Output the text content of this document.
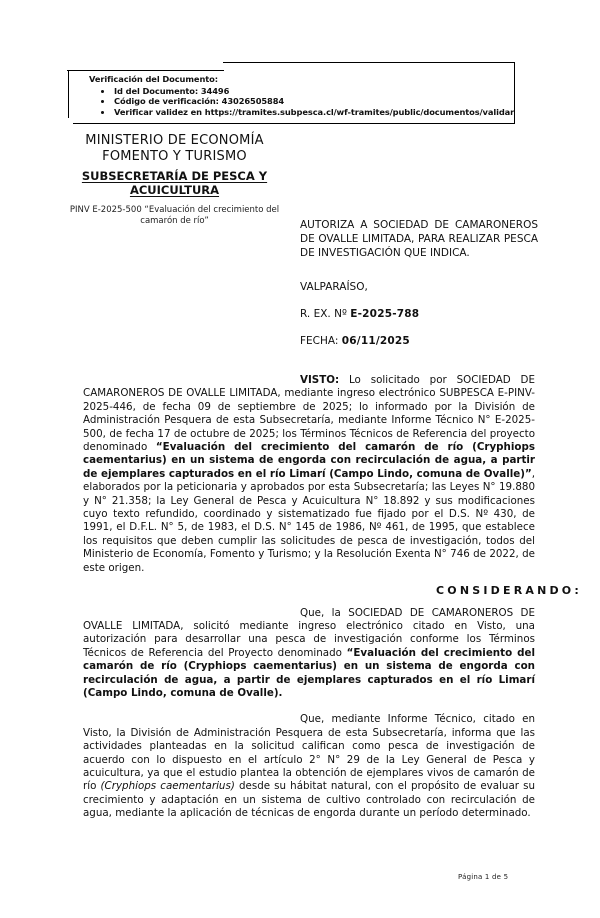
Verificación del Documento:
• Id del Documento: 34496
• Código de verificación: 43026505884
• Verificar validez en https://tramites.subpesca.cl/wf-tramites/public/documentos/validar
MINISTERIO DE ECONOMÍA
FOMENTO Y TURISMO
SUBSECRETARÍA DE PESCA Y
ACUICULTURA
PINV E-2025-500 “Evaluación del crecimiento del camarón de río”	AUTORIZA A SOCIEDAD DE CAMARONEROS DE OVALLE LIMITADA, PARA REALIZAR PESCA DE INVESTIGACIÓN QUE INDICA.
VALPARAÍSO,
R. EX. Nº E-2025-788
FECHA: 06/11/2025

VISTO: Lo solicitado por SOCIEDAD DE CAMARONEROS DE OVALLE LIMITADA, mediante ingreso electrónico SUBPESCA E-PINV-2025-446, de fecha 09 de septiembre de 2025; lo informado por la División de Administración Pesquera de esta Subsecretaría, mediante Informe Técnico N° E-2025-500, de fecha 17 de octubre de 2025; los Términos Técnicos de Referencia del proyecto denominado “Evaluación del crecimiento del camarón de río (Cryphiops caementarius) en un sistema de engorda con recirculación de agua, a partir de ejemplares capturados en el río Limarí (Campo Lindo, comuna de Ovalle)”, elaborados por la peticionaria y aprobados por esta Subsecretaría; las Leyes N° 19.880 y N° 21.358; la Ley General de Pesca y Acuicultura N° 18.892 y sus modificaciones cuyo texto refundido, coordinado y sistematizado fue fijado por el D.S. Nº 430, de 1991, el D.F.L. N° 5, de 1983, el D.S. N° 145 de 1986, Nº 461, de 1995, que establece los requisitos que deben cumplir las solicitudes de pesca de investigación, todos del Ministerio de Economía, Fomento y Turismo; y la Resolución Exenta N° 746 de 2022, de este origen.

CONSIDERANDO:

Que, la SOCIEDAD DE CAMARONEROS DE OVALLE LIMITADA, solicitó mediante ingreso electrónico citado en Visto, una autorización para desarrollar una pesca de investigación conforme los Términos Técnicos de Referencia del Proyecto denominado “Evaluación del crecimiento del camarón de río (Cryphiops caementarius) en un sistema de engorda con recirculación de agua, a partir de ejemplares capturados en el río Limarí (Campo Lindo, comuna de Ovalle).

Que, mediante Informe Técnico, citado en Visto, la División de Administración Pesquera de esta Subsecretaría, informa que las actividades planteadas en la solicitud califican como pesca de investigación de acuerdo con lo dispuesto en el artículo 2° N° 29 de la Ley General de Pesca y acuicultura, ya que el estudio plantea la obtención de ejemplares vivos de camarón de río (Cryphiops caementarius) desde su hábitat natural, con el propósito de evaluar su crecimiento y adaptación en un sistema de cultivo controlado con recirculación de agua, mediante la aplicación de técnicas de engorda durante un período determinado.

Página 1 de 5
